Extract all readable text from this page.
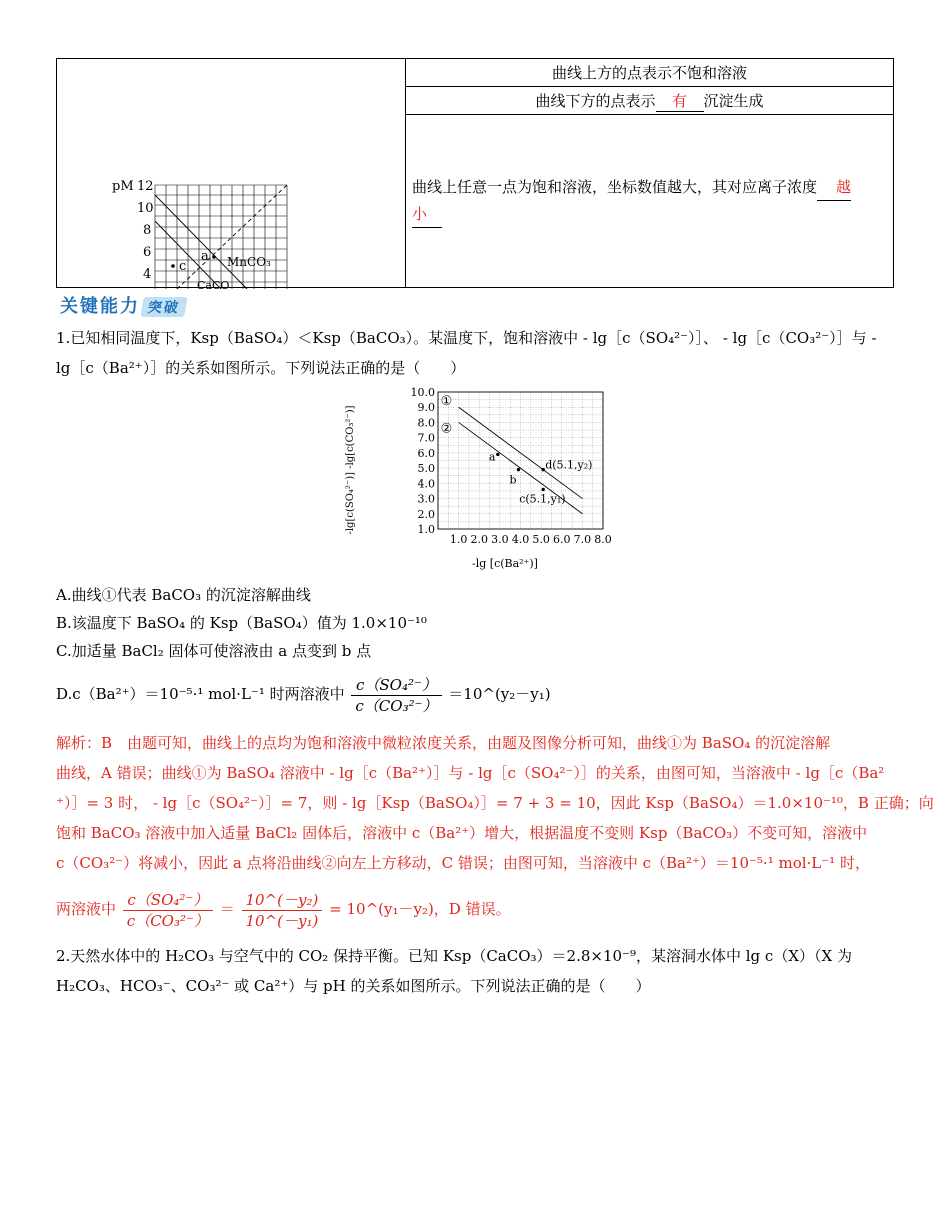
pM 12
10
8
6
4
a
c	MnCO₃
CaCO
	曲线上方的点表示不饱和溶液
曲线下方的点表示 有 沉淀生成
曲线上任意一点为饱和溶液，坐标数值越大，其对应离子浓度 越
小
关键能力 突破
1.已知相同温度下，Ksp（BaSO₄）＜Ksp（BaCO₃）。某温度下，饱和溶液中 - lg［c（SO₄²⁻）］、 - lg［c（CO₃²⁻）］与 -
lg［c（Ba²⁺）］的关系如图所示。下列说法正确的是（　　）
a
b
d(5.1,y₂)
c(5.1,y₁)
1.0 2.0 3.0 4.0 5.0 6.0 7.0 8.0
1.0
2.0
3.0
4.0
5.0
6.0
7.0
8.0
9.0
10.0
-lg [c(Ba²⁺)]
-lg[c(SO₄²⁻)] -lg[c(CO₃²⁻)]
①
②
A.曲线①代表 BaCO₃ 的沉淀溶解曲线
B.该温度下 BaSO₄ 的 Ksp（BaSO₄）值为 1.0×10⁻¹⁰
C.加适量 BaCl₂ 固体可使溶液由 a 点变到 b 点
D.c（Ba²⁺）＝10⁻⁵·¹ mol·L⁻¹ 时两溶液中 $\frac{\text{c（SO₄²⁻）}}{\text{c（CO₃²⁻）}}$ ＝10^(y₂－y₁)
解析：B　由题可知，曲线上的点均为饱和溶液中微粒浓度关系，由题及图像分析可知，曲线①为 BaSO₄ 的沉淀溶解
曲线，A 错误；曲线①为 BaSO₄ 溶液中 - lg［c（Ba²⁺）］与 - lg［c（SO₄²⁻）］的关系，由图可知，当溶液中 - lg［c（Ba²
⁺）］= 3 时， - lg［c（SO₄²⁻）］= 7，则 - lg［Ksp（BaSO₄）］= 7 + 3 = 10，因此 Ksp（BaSO₄）＝1.0×10⁻¹⁰，B 正确；向
饱和 BaCO₃ 溶液中加入适量 BaCl₂ 固体后，溶液中 c（Ba²⁺）增大，根据温度不变则 Ksp（BaCO₃）不变可知，溶液中
c（CO₃²⁻）将减小，因此 a 点将沿曲线②向左上方移动，C 错误；由图可知，当溶液中 c（Ba²⁺）＝10⁻⁵·¹ mol·L⁻¹ 时，
两溶液中 $\frac{\text{c（SO₄²⁻）}}{\text{c（CO₃²⁻）}} = \frac{\text{10\textasciicircum{}(－y₂)}}{\text{10\textasciicircum{}(－y₁)}}$ = 10^(y₁－y₂)，D 错误。
2.天然水体中的 H₂CO₃ 与空气中的 CO₂ 保持平衡。已知 Ksp（CaCO₃）＝2.8×10⁻⁹，某溶洞水体中 lg c（X）（X 为
H₂CO₃、HCO₃⁻、CO₃²⁻ 或 Ca²⁺）与 pH 的关系如图所示。下列说法正确的是（　　）
